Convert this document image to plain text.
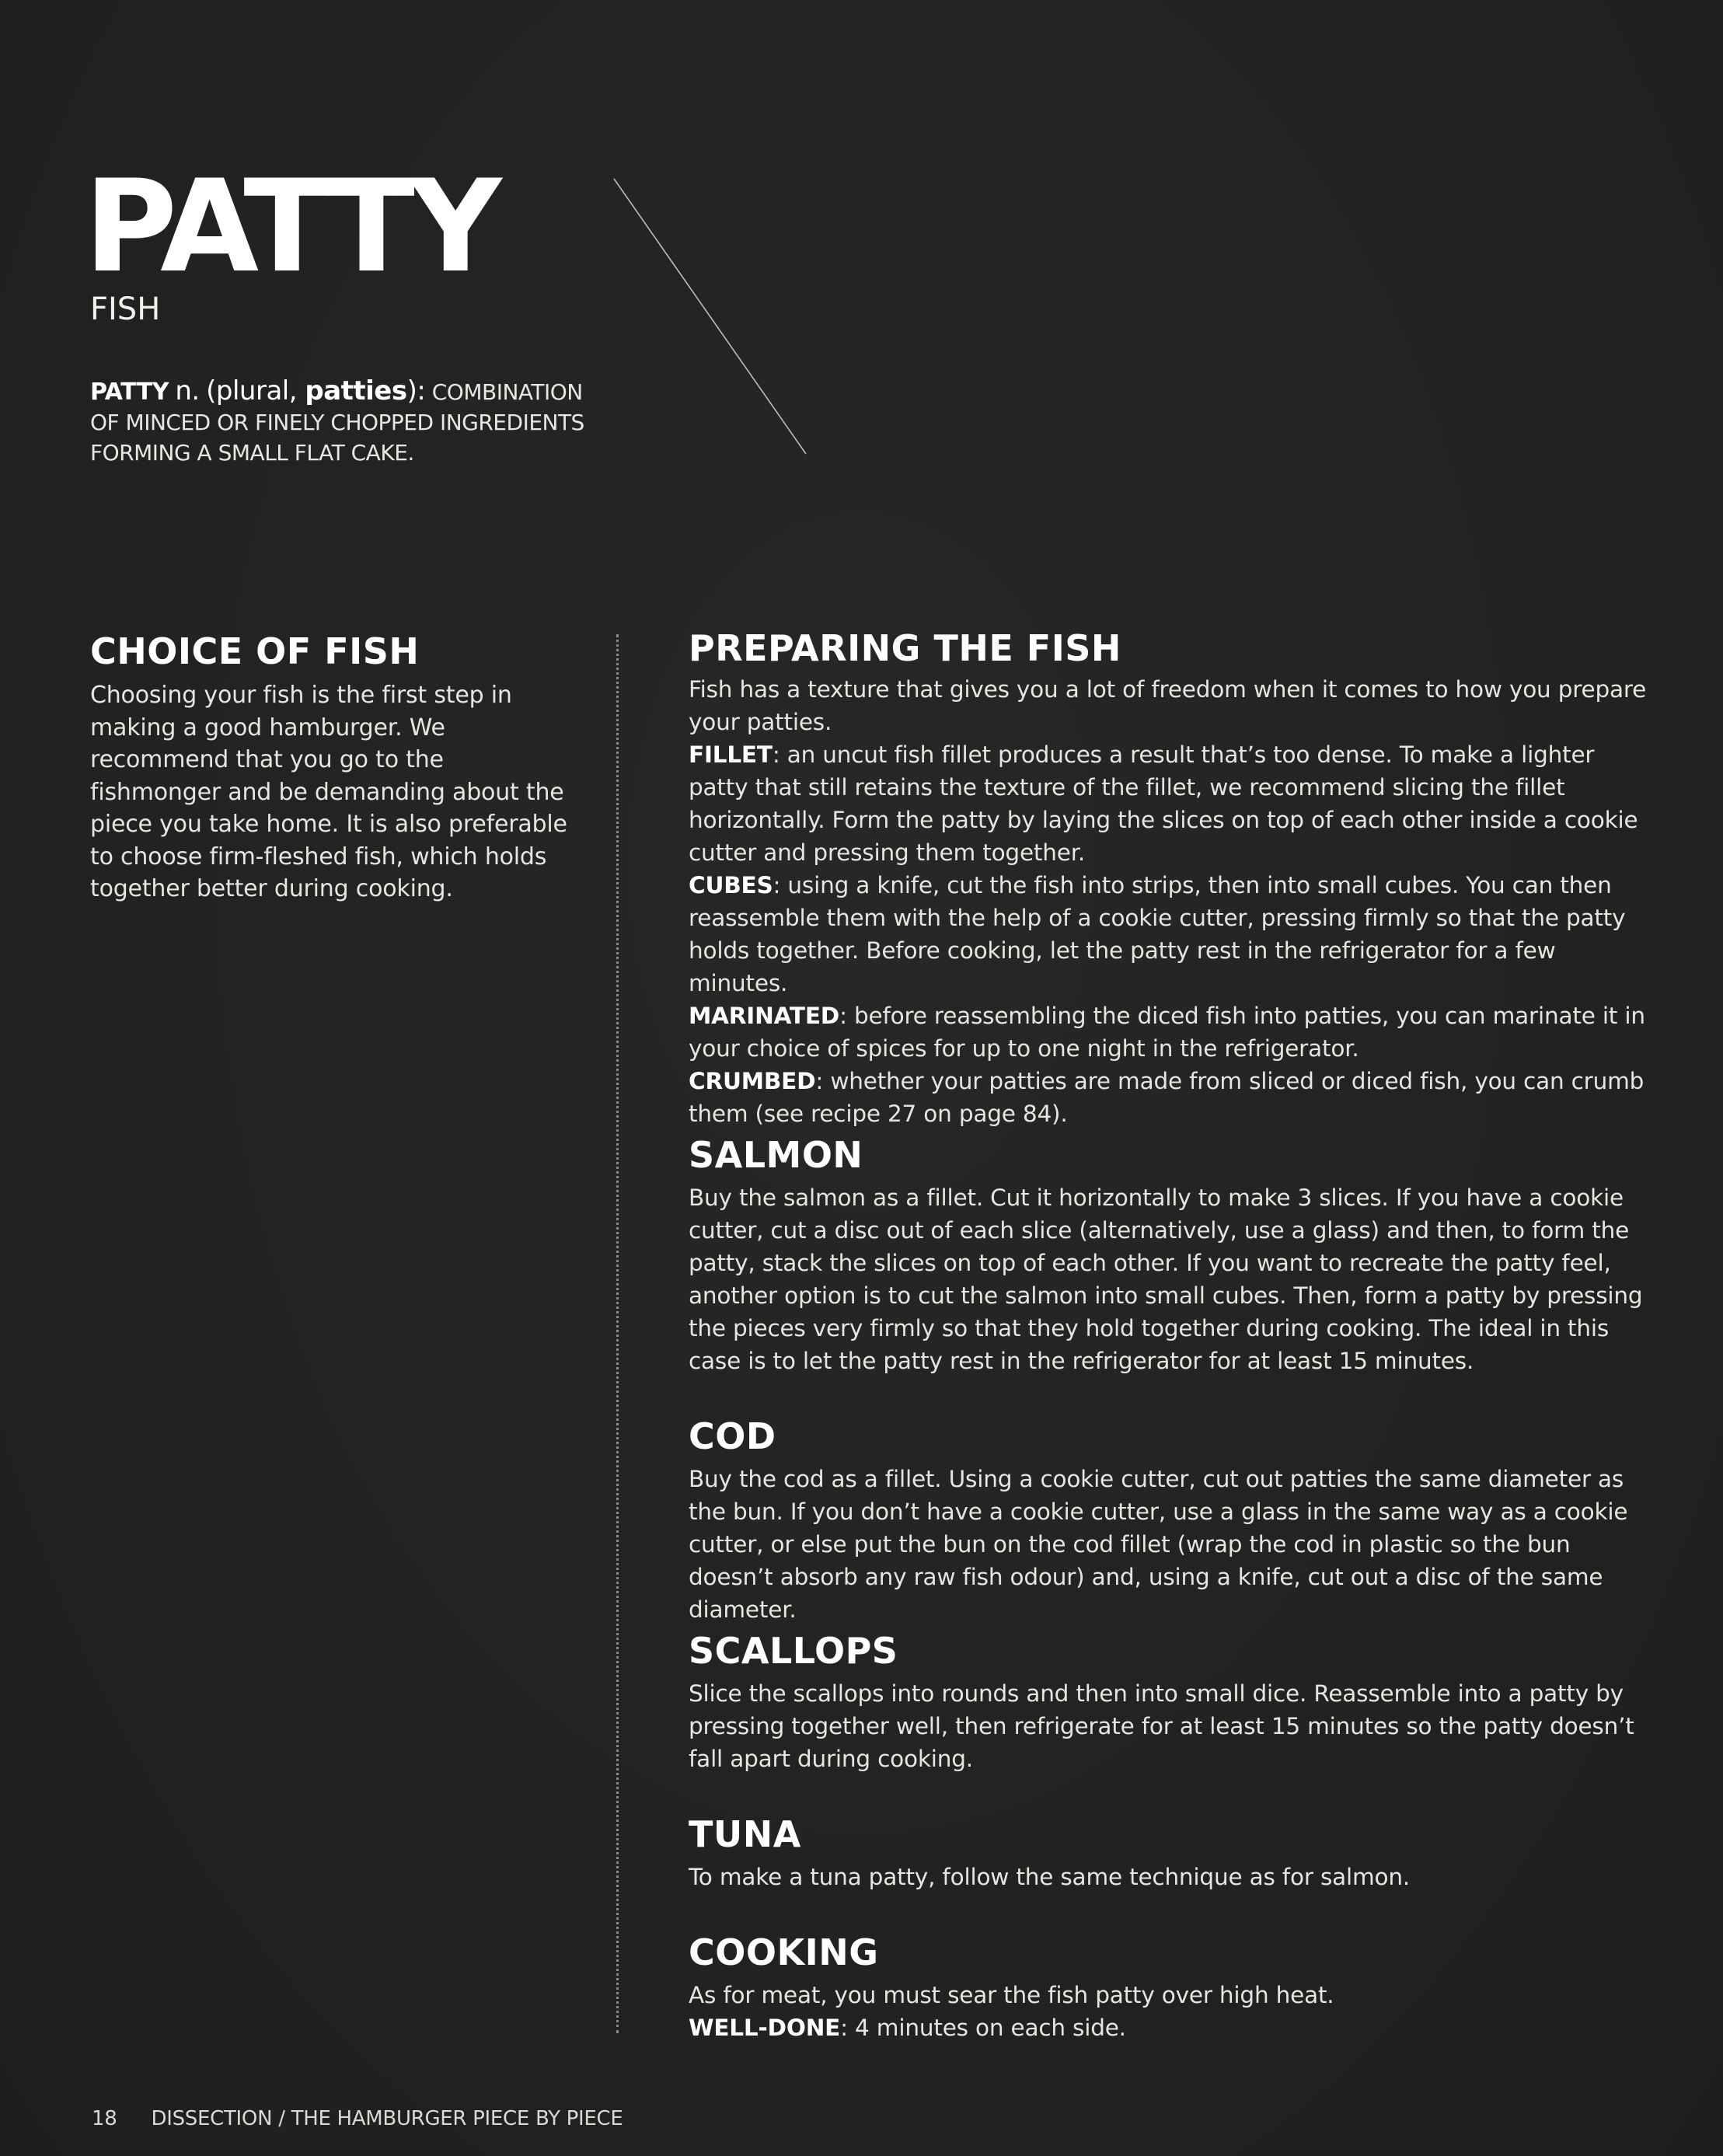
PATTY
FISH
PATTY n. (plural, patties): COMBINATION OF MINCED OR FINELY CHOPPED INGREDIENTS FORMING A SMALL FLAT CAKE.
CHOICE OF FISH

Choosing your fish is the first step in making a good hamburger. We recommend that you go to the fishmonger and be demanding about the piece you take home. It is also preferable to choose firm-fleshed fish, which holds together better during cooking.

PREPARING THE FISH

Fish has a texture that gives you a lot of freedom when it comes to how you prepare your patties.

FILLET: an uncut fish fillet produces a result that’s too dense. To make a lighter patty that still retains the texture of the fillet, we recommend slicing the fillet horizontally. Form the patty by laying the slices on top of each other inside a cookie cutter and pressing them together.

CUBES: using a knife, cut the fish into strips, then into small cubes. You can then reassemble them with the help of a cookie cutter, pressing firmly so that the patty holds together. Before cooking, let the patty rest in the refrigerator for a few minutes.

MARINATED: before reassembling the diced fish into patties, you can marinate it in your choice of spices for up to one night in the refrigerator.

CRUMBED: whether your patties are made from sliced or diced fish, you can crumb them (see recipe 27 on page 84).

SALMON

Buy the salmon as a fillet. Cut it horizontally to make 3 slices. If you have a cookie cutter, cut a disc out of each slice (alternatively, use a glass) and then, to form the patty, stack the slices on top of each other. If you want to recreate the patty feel, another option is to cut the salmon into small cubes. Then, form a patty by pressing the pieces very firmly so that they hold together during cooking. The ideal in this case is to let the patty rest in the refrigerator for at least 15 minutes.

COD

Buy the cod as a fillet. Using a cookie cutter, cut out patties the same diameter as the bun. If you don’t have a cookie cutter, use a glass in the same way as a cookie cutter, or else put the bun on the cod fillet (wrap the cod in plastic so the bun doesn’t absorb any raw fish odour) and, using a knife, cut out a disc of the same diameter.

SCALLOPS

Slice the scallops into rounds and then into small dice. Reassemble into a patty by pressing together well, then refrigerate for at least 15 minutes so the patty doesn’t fall apart during cooking.

TUNA

To make a tuna patty, follow the same technique as for salmon.

COOKING

As for meat, you must sear the fish patty over high heat.

WELL-DONE: 4 minutes on each side.

18 DISSECTION / THE HAMBURGER PIECE BY PIECE
